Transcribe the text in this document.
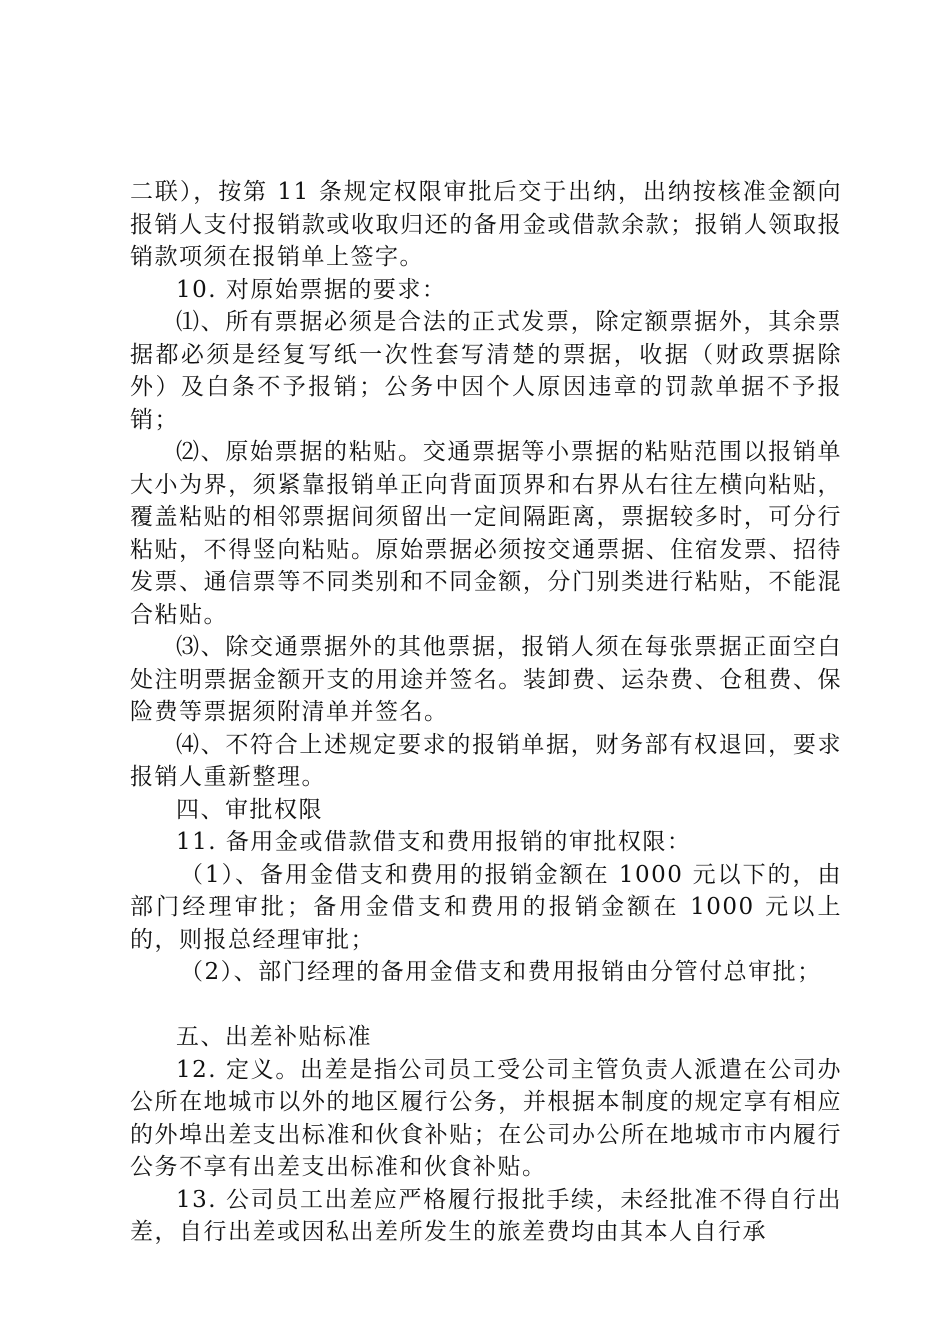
二联），按第 11 条规定权限审批后交于出纳，出纳按核准金额向报销人支付报销款或收取归还的备用金或借款余款；报销人领取报销款项须在报销单上签字。

10. 对原始票据的要求：

⑴、所有票据必须是合法的正式发票，除定额票据外，其余票据都必须是经复写纸一次性套写清楚的票据，收据（财政票据除外）及白条不予报销；公务中因个人原因违章的罚款单据不予报销；

⑵、原始票据的粘贴。交通票据等小票据的粘贴范围以报销单大小为界，须紧靠报销单正向背面顶界和右界从右往左横向粘贴，覆盖粘贴的相邻票据间须留出一定间隔距离，票据较多时，可分行粘贴，不得竖向粘贴。原始票据必须按交通票据、住宿发票、招待发票、通信票等不同类别和不同金额，分门别类进行粘贴，不能混合粘贴。

⑶、除交通票据外的其他票据，报销人须在每张票据正面空白处注明票据金额开支的用途并签名。装卸费、运杂费、仓租费、保险费等票据须附清单并签名。

⑷、不符合上述规定要求的报销单据，财务部有权退回，要求报销人重新整理。

四、审批权限

11. 备用金或借款借支和费用报销的审批权限：

（1）、备用金借支和费用的报销金额在 1000 元以下的，由部门经理审批；备用金借支和费用的报销金额在 1000 元以上的，则报总经理审批；

（2）、部门经理的备用金借支和费用报销由分管付总审批；

五、出差补贴标准

12. 定义。出差是指公司员工受公司主管负责人派遣在公司办公所在地城市以外的地区履行公务，并根据本制度的规定享有相应的外埠出差支出标准和伙食补贴；在公司办公所在地城市市内履行公务不享有出差支出标准和伙食补贴。

13. 公司员工出差应严格履行报批手续，未经批准不得自行出差，自行出差或因私出差所发生的旅差费均由其本人自行承
